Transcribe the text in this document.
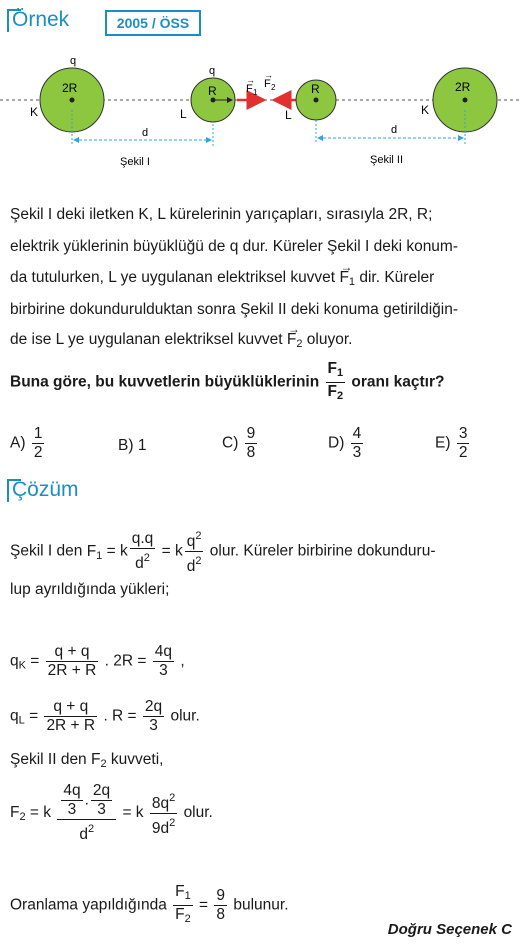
Örnek	2005 / ÖSS
q
2R
K
q
R
L
d
Şekil I
F 1
→ F 2
→
R
L
2R
K
d
Şekil II
Şekil I deki iletken K, L kürelerinin yarıçapları, sırasıyla 2R, R;
elektrik yüklerinin büyüklüğü de q dur. Küreler Şekil I deki konum-
da tutulurken, L ye uygulanan elektriksel kuvvet → $F_1$ dir. Küreler
birbirine dokundurulduktan sonra Şekil II deki konuma getirildiğin-
de ise L ye uygulanan elektriksel kuvvet → $F_2$ oluyor.
Buna göre, bu kuvvetlerin büyüklüklerinin $\frac{F_1}{F_2}$ oranı kaçtır?
$A) \frac{1}{2}$	B) 1	$C) \frac{9}{8}$	$D) \frac{4}{3}$	$E) \frac{3}{2}$
Çözüm
Şekil I den $F_1 = k \frac{q.q}{d^2} = k \frac{q^2}{d^2}$ olur. Küreler birbirine dokunduru-
lup ayrıldığında yükleri;
$q_K = \frac{q + q}{2R + R}$ . $2R = \frac{4q}{3}$ ,
$q_L = \frac{q + q}{2R + R}$ . $R = \frac{2q}{3}$ olur.
Şekil II den $F_2$ kuvveti,
$F_2 = k \frac{\frac{4q}{3} . \frac{2q}{3}}{d^2} = k \frac{8q^2}{9d^2}$ olur.
Oranlama yapıldığında $\frac{F_1}{F_2} = \frac{9}{8}$ bulunur.
Doğru Seçenek C
